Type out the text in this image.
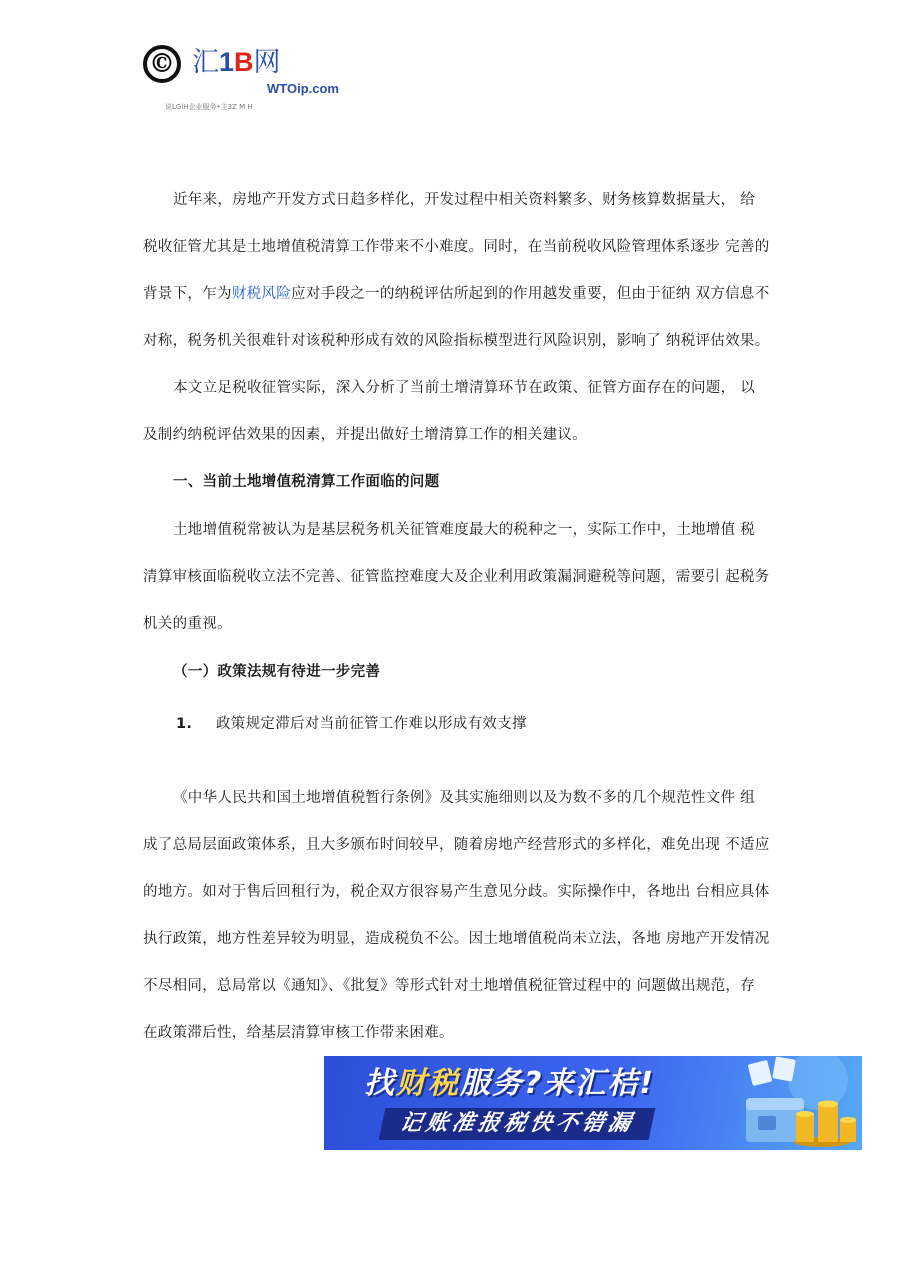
© 汇1B网
WTOip.com
说LGiH企业服务•主3Z M H
近年来，房地产开发方式日趋多样化，开发过程中相关资料繁多、财务核算数据量大， 给
税收征管尤其是土地增值税清算工作带来不小难度。同时，在当前税收风险管理体系逐步 完善的
背景下，乍为财税风险应对手段之一的纳税评估所起到的作用越发重要，但由于征纳 双方信息不
对称，税务机关很难针对该税种形成有效的风险指标模型进行风险识别，影响了 纳税评估效果。
本文立足税收征管实际，深入分析了当前土增清算环节在政策、征管方面存在的问题， 以
及制约纳税评估效果的因素，并提出做好土增清算工作的相关建议。
一、当前土地增值税清算工作面临的问题
土地增值税常被认为是基层税务机关征管难度最大的税种之一，实际工作中，土地增值 税
清算审核面临税收立法不完善、征管监控难度大及企业利用政策漏洞避税等问题，需要引 起税务
机关的重视。
（一）政策法规有待进一步完善
1. 政策规定滞后对当前征管工作难以形成有效支撑
《中华人民共和国土地增值税暂行条例》及其实施细则以及为数不多的几个规范性文件 组
成了总局层面政策体系，且大多颁布时间较早，随着房地产经营形式的多样化，难免出现 不适应
的地方。如对于售后回租行为，税企双方很容易产生意见分歧。实际操作中，各地出 台相应具体
执行政策，地方性差异较为明显，造成税负不公。因土地增值税尚未立法，各地 房地产开发情况
不尽相同，总局常以《通知》、《批复》等形式针对土地增值税征管过程中的 问题做出规范，存
在政策滞后性，给基层清算审核工作带来困难。
找财税服务?来汇桔!
记账准报税快不错漏
